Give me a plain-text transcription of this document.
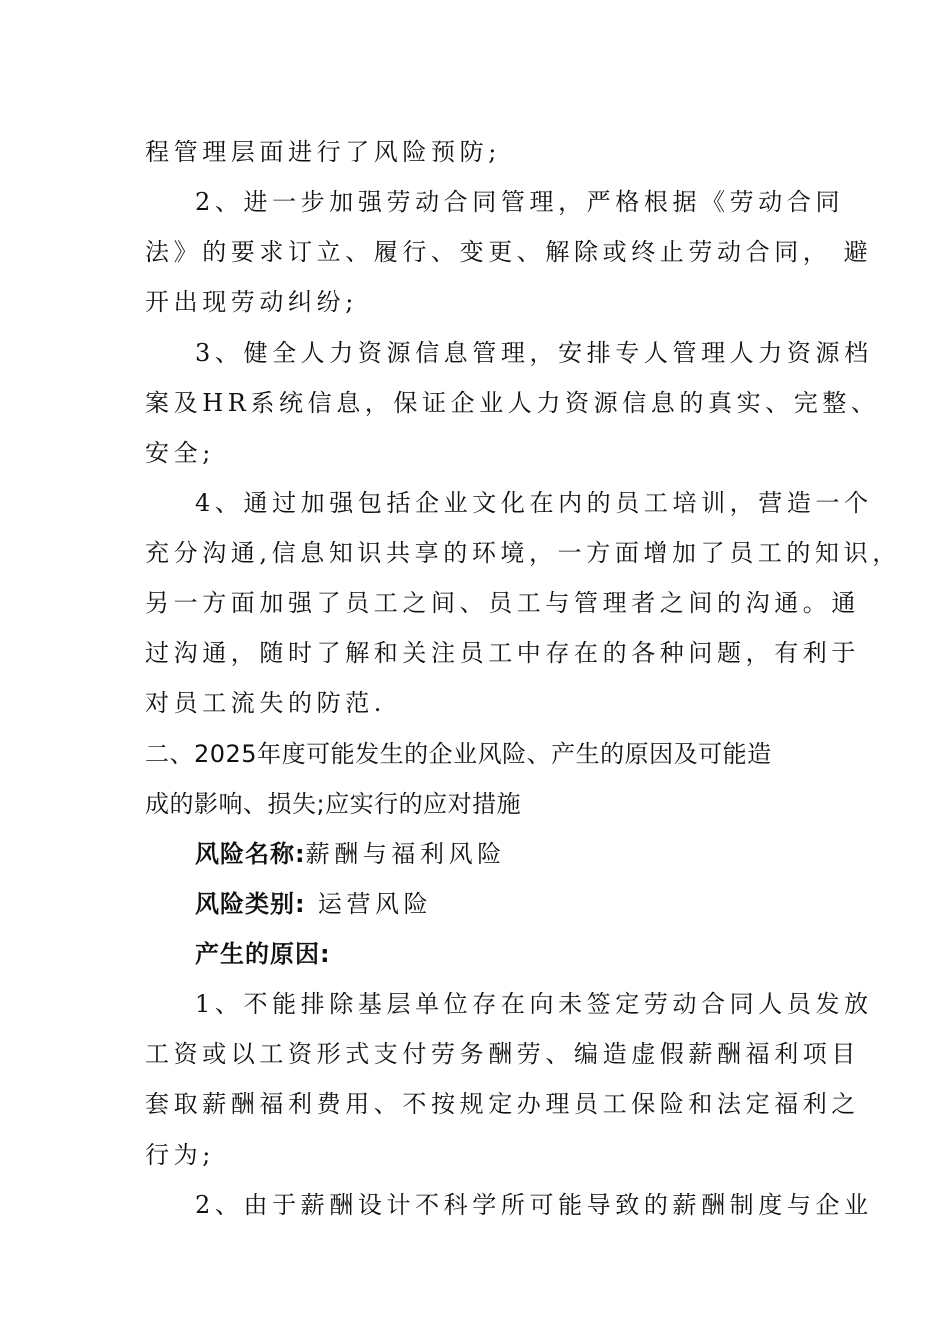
程管理层面进行了风险预防;
2、进一步加强劳动合同管理，严格根据《劳动合同
法》的要求订立、履行、变更、解除或终止劳动合同， 避
开出现劳动纠纷;
3、健全人力资源信息管理，安排专人管理人力资源档
案及HR系统信息，保证企业人力资源信息的真实、完整、
安全;
4、通过加强包括企业文化在内的员工培训，营造一个
充分沟通,信息知识共享的环境，一方面增加了员工的知识，
另一方面加强了员工之间、员工与管理者之间的沟通。通
过沟通，随时了解和关注员工中存在的各种问题，有利于
对员工流失的防范.
二、2025年度可能发生的企业风险、产生的原因及可能造
成的影响、损失;应实行的应对措施
风险名称:薪酬与福利风险
风险类别: 运营风险
产生的原因:
1、不能排除基层单位存在向未签定劳动合同人员发放
工资或以工资形式支付劳务酬劳、编造虚假薪酬福利项目
套取薪酬福利费用、不按规定办理员工保险和法定福利之
行为;
2、由于薪酬设计不科学所可能导致的薪酬制度与企业
